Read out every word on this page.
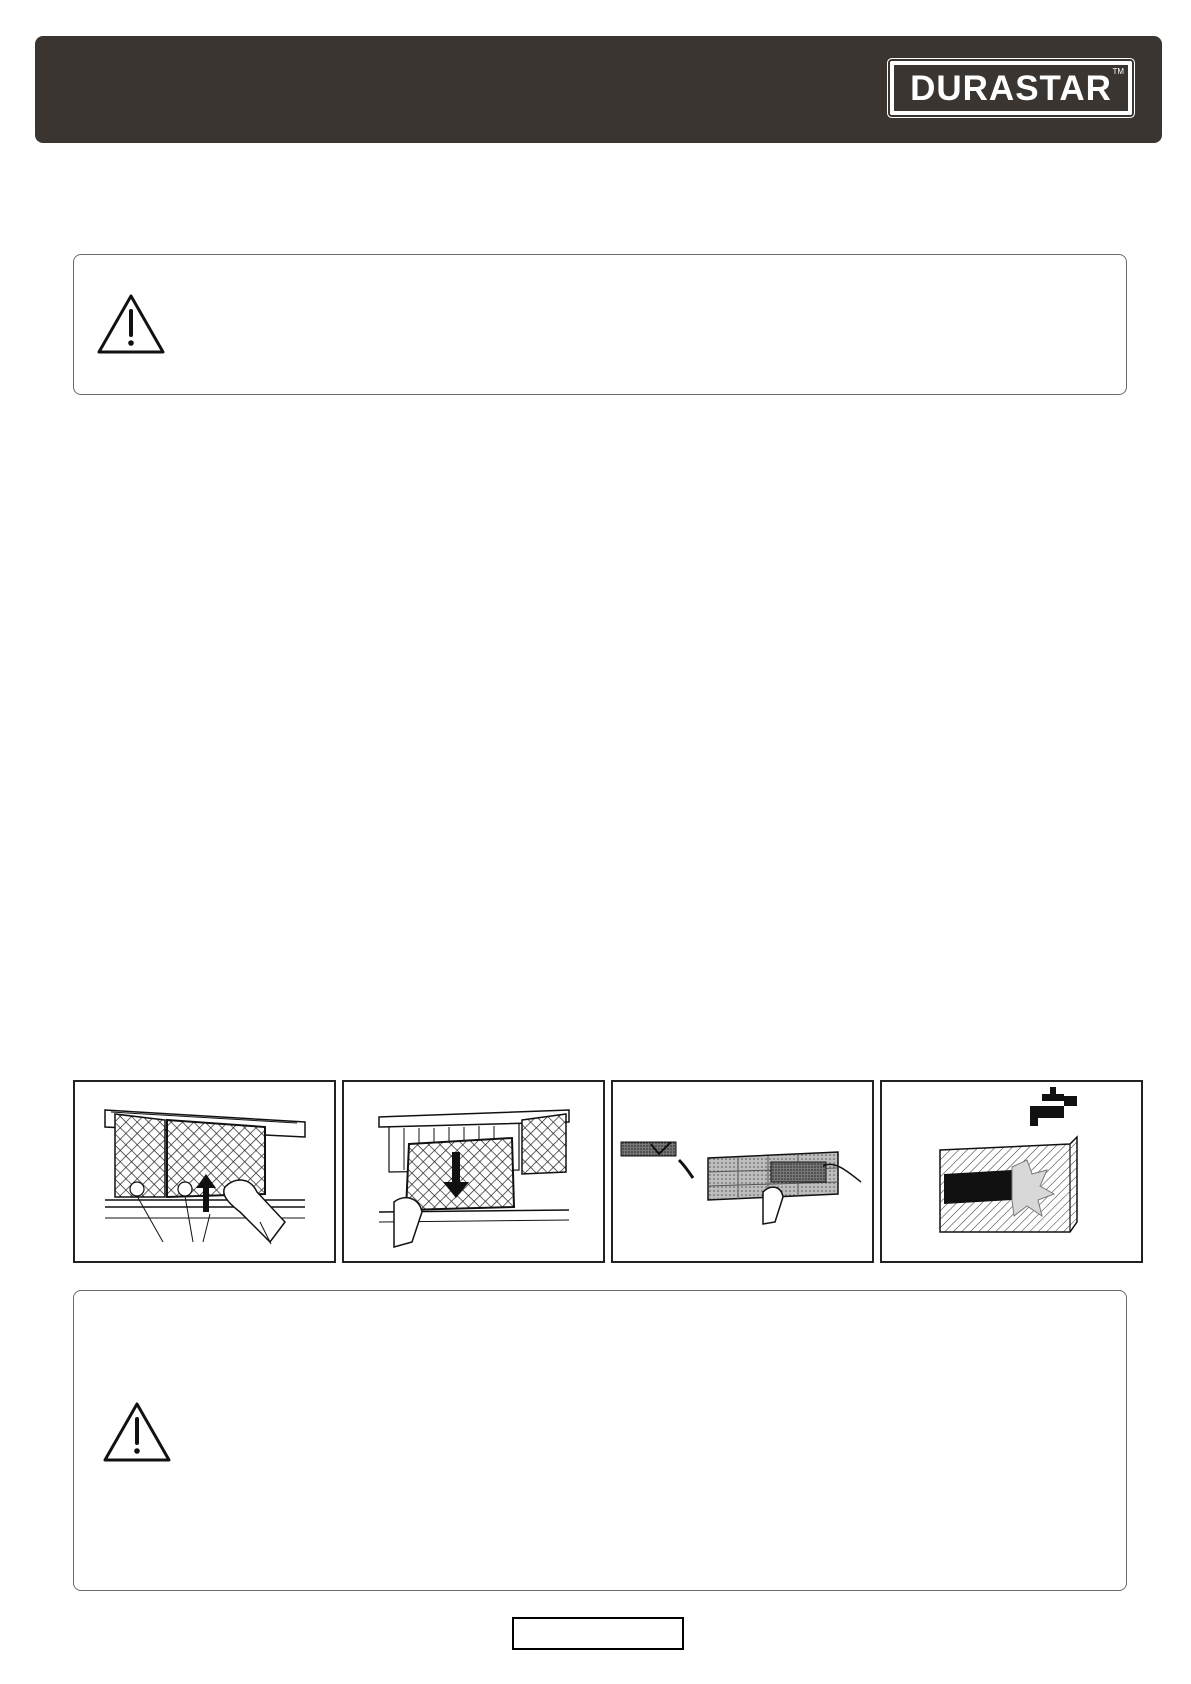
DURASTAR TM
